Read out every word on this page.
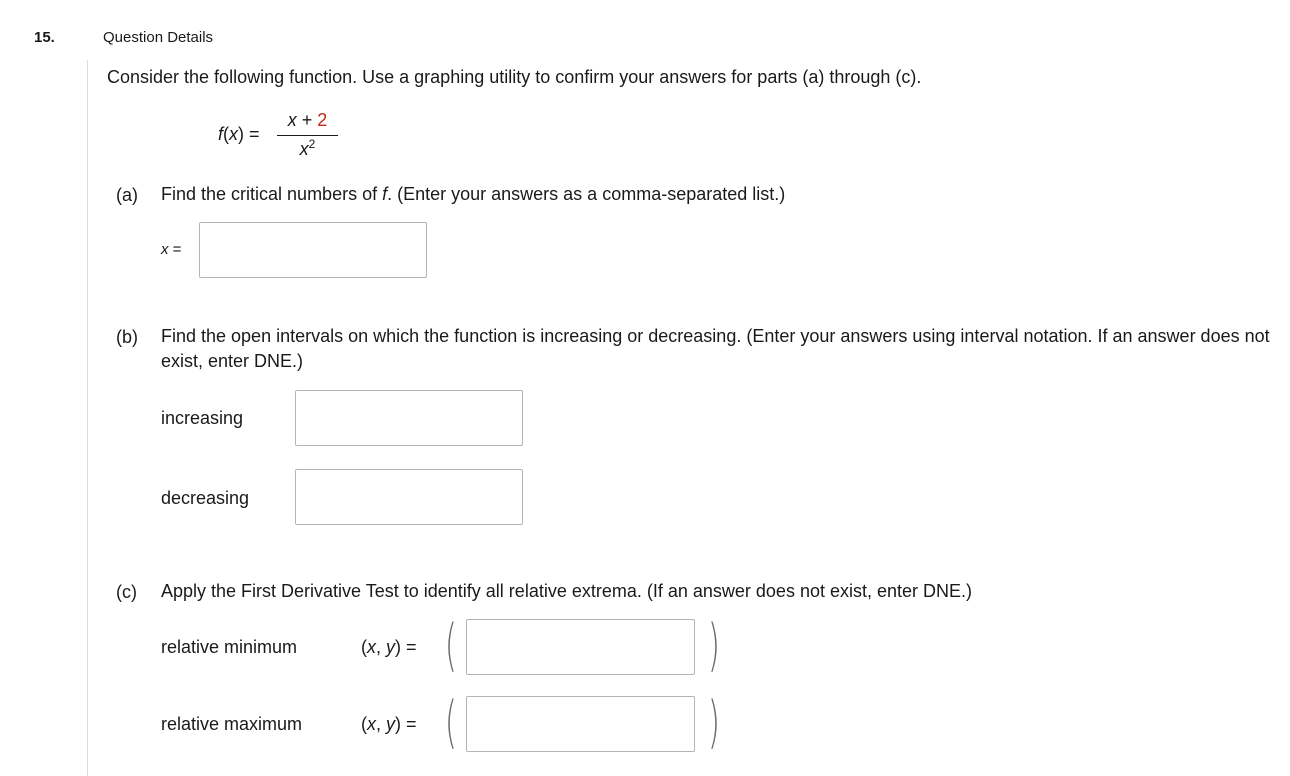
15.	Question Details
Consider the following function. Use a graphing utility to confirm your answers for parts (a) through (c).
f(x) =
x + 2
$x^2$
(a) Find the critical numbers of f. (Enter your answers as a comma-separated list.)
x =
(b) Find the open intervals on which the function is increasing or decreasing. (Enter your answers using interval notation. If an answer does not exist, enter DNE.)
increasing
decreasing
(c) Apply the First Derivative Test to identify all relative extrema. (If an answer does not exist, enter DNE.)
relative minimum	(x, y) = (	)
relative maximum	(x, y) = (	)
